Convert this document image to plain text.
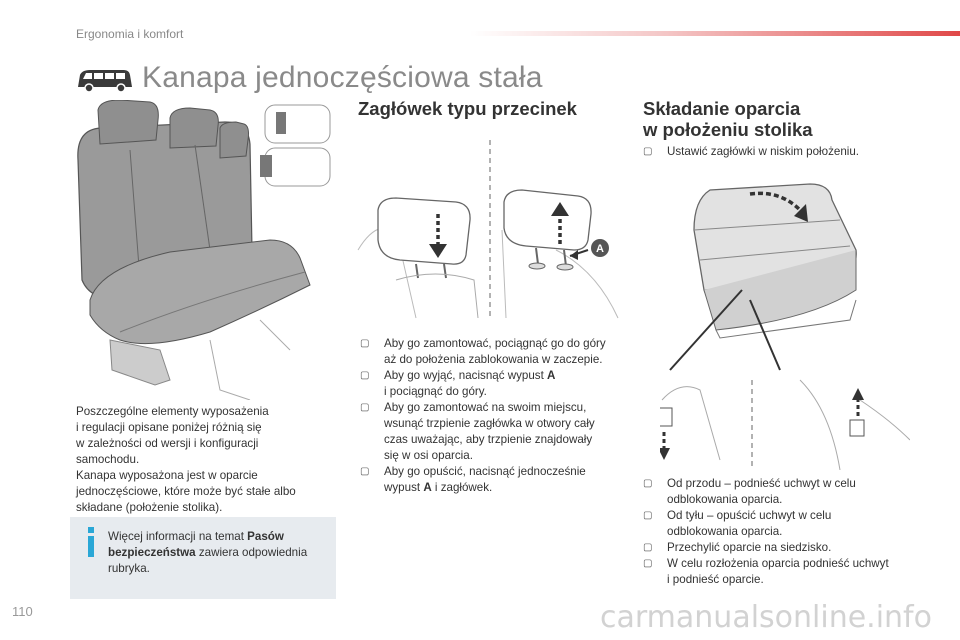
Ergonomia i komfort
Kanapa jednoczęściowa stała
Zagłówek typu przecinek
A
▢ Aby go zamontować, pociągnąć go do góry
aż do położenia zablokowania w zaczepie.
▢ Aby go wyjąć, nacisnąć wypust A
i pociągnąć do góry.
▢ Aby go zamontować na swoim miejscu,
wsunąć trzpienie zagłówka w otwory cały
czas uważając, aby trzpienie znajdowały
się w osi oparcia.
▢ Aby go opuścić, nacisnąć jednocześnie
wypust A i zagłówek.
Składanie oparcia
w położeniu stolika
▢ Ustawić zagłówki w niskim położeniu.
▢ Od przodu – podnieść uchwyt w celu
odblokowania oparcia.
▢ Od tyłu – opuścić uchwyt w celu
odblokowania oparcia.
▢ Przechylić oparcie na siedzisko.
▢ W celu rozłożenia oparcia podnieść uchwyt
i podnieść oparcie.
Poszczególne elementy wyposażenia
i regulacji opisane poniżej różnią się
w zależności od wersji i konfiguracji
samochodu.
Kanapa wyposażona jest w oparcie
jednoczęściowe, które może być stałe albo
składane (położenie stolika).
Więcej informacji na temat Pasów bezpieczeństwa zawiera odpowiednia rubryka.
110	carmanualsonline.info
